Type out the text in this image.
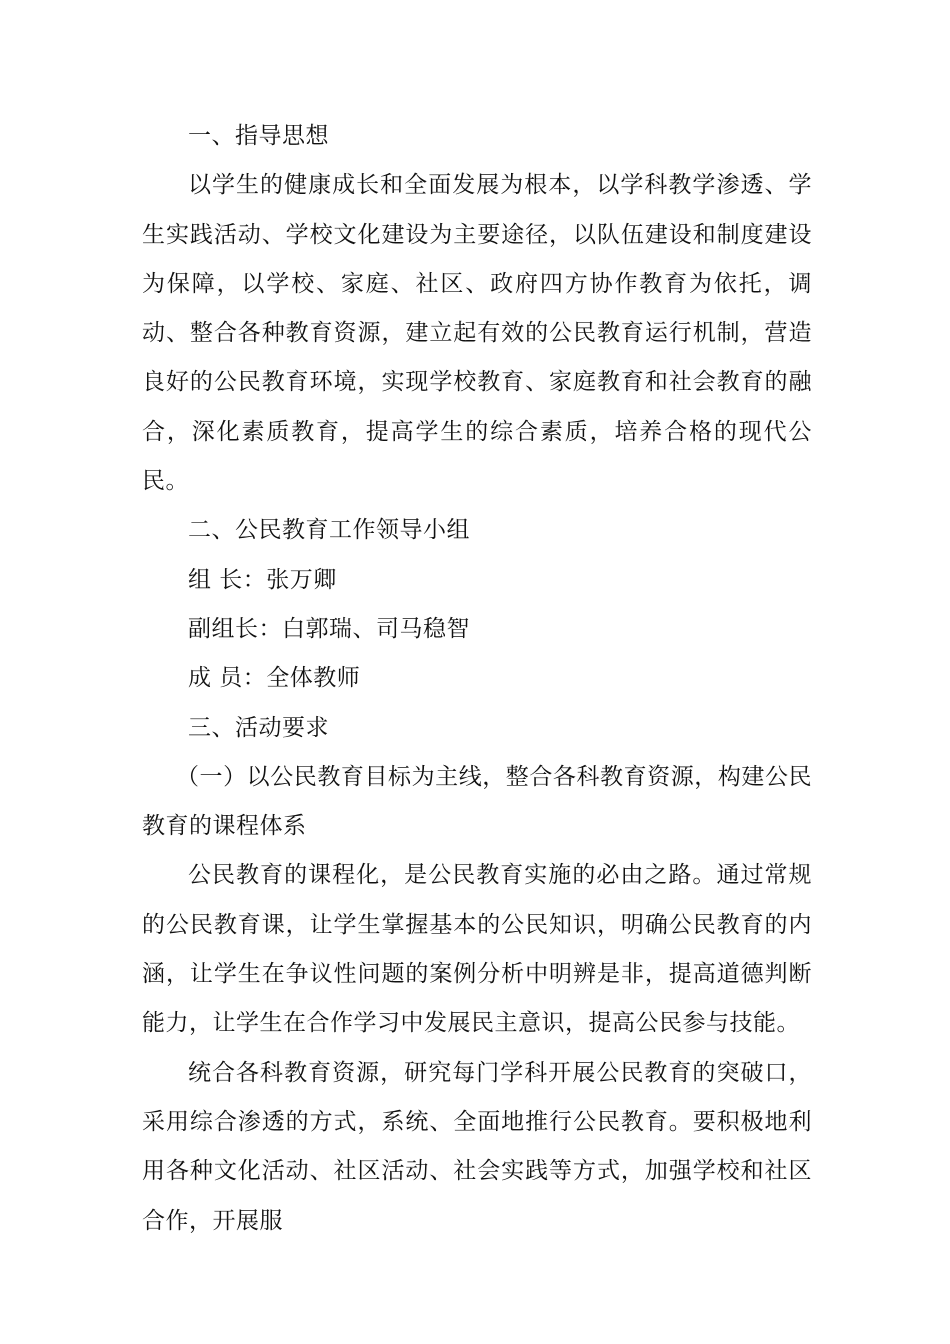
一、指导思想

以学生的健康成长和全面发展为根本，以学科教学渗透、学生实践活动、学校文化建设为主要途径，以队伍建设和制度建设为保障，以学校、家庭、社区、政府四方协作教育为依托，调动、整合各种教育资源，建立起有效的公民教育运行机制，营造良好的公民教育环境，实现学校教育、家庭教育和社会教育的融合，深化素质教育，提高学生的综合素质，培养合格的现代公民。

二、公民教育工作领导小组

组 长：张万卿

副组长：白郭瑞、司马稳智

成 员：全体教师

三、活动要求

（一）以公民教育目标为主线，整合各科教育资源，构建公民教育的课程体系

公民教育的课程化，是公民教育实施的必由之路。通过常规的公民教育课，让学生掌握基本的公民知识，明确公民教育的内涵，让学生在争议性问题的案例分析中明辨是非，提高道德判断能力，让学生在合作学习中发展民主意识，提高公民参与技能。

统合各科教育资源，研究每门学科开展公民教育的突破口，采用综合渗透的方式，系统、全面地推行公民教育。要积极地利用各种文化活动、社区活动、社会实践等方式，加强学校和社区合作，开展服
